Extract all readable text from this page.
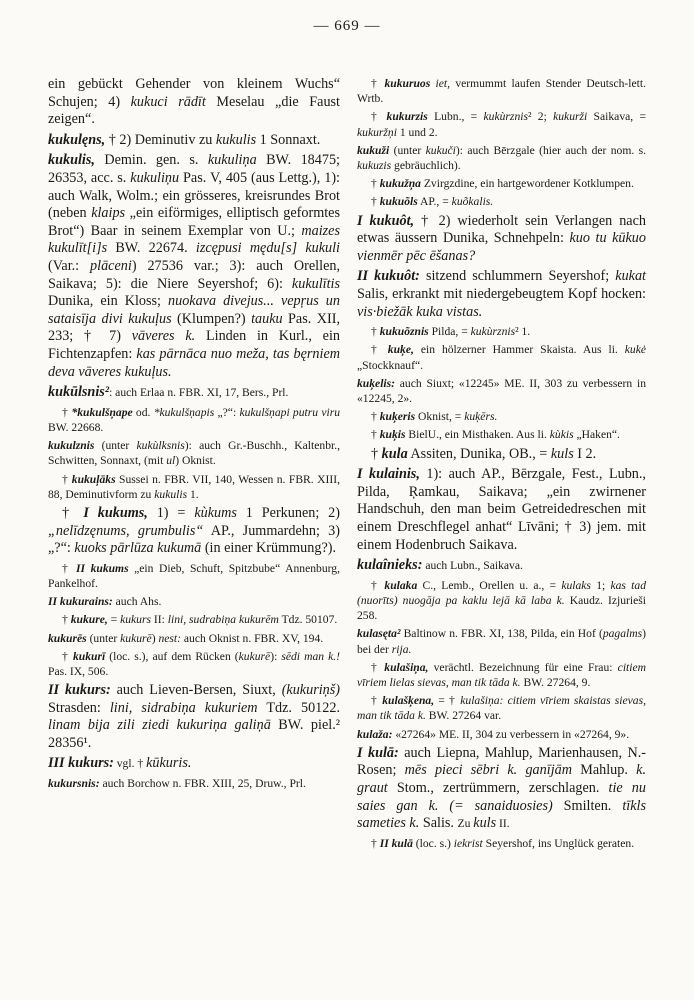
— 669 —

ein gebückt Gehender von kleinem Wuchs“ Schujen; 4) kukuci rādīt Meselau „die Faust zeigen“.

kukulęns, † 2) Deminutiv zu kukulis 1 Sonnaxt.

kukulis, Demin. gen. s. kukuliņa BW. 18475; 26353, acc. s. kukuliņu Pas. V, 405 (aus Lettg.), 1): auch Walk, Wolm.; ein grösseres, kreisrundes Brot (neben klaips „ein eiförmiges, elliptisch geformtes Brot“) Baar in seinem Exemplar von U.; maizes kukulīt[i]s BW. 22674. izcępusi mędu[s] kukuli (Var.: plāceni) 27536 var.; 3): auch Orellen, Saikava; 5): die Niere Seyershof; 6): kukulītis Dunika, ein Kloss; nuokava divejus... vepŗus un sataisīja divi kukuļus (Klumpen?) tauku Pas. XII, 233; † 7) vāveres k. Linden in Kurl., ein Fichtenzapfen: kas pārnāca nuo meža, tas bęrniem deva vāveres kukuļus.

kukūlsnis²: auch Erlaa n. FBR. XI, 17, Bers., Prl.

† *kukulšņape od. *kukulšņapis „?“: kukulšņapi putru viru BW. 22668.

kukulznis (unter kukùlksnis): auch Gr.-Buschh., Kaltenbr., Schwitten, Sonnaxt, (mit ul) Oknist.

† kukuļāks Sussei n. FBR. VII, 140, Wessen n. FBR. XIII, 88, Deminutivform zu kukulis 1.

† I kukums, 1) = kùkums 1 Perkunen; 2) „nelīdzęnums, grumbulis“ AP., Jummardehn; 3) „?“: kuoks pārlūza kukumā (in einer Krümmung?).

† II kukums „ein Dieb, Schuft, Spitzbube“ Annenburg, Pankelhof.

II kukurains: auch Ahs.

† kukure, = kukurs II: lini, sudrabiņa kukurēm Tdz. 50107.

kukurēs (unter kukurē) nest: auch Oknist n. FBR. XV, 194.

† kukurī (loc. s.), auf dem Rücken (kukurē): sēdi man k.! Pas. IX, 506.

II kukurs: auch Lieven-Bersen, Siuxt, (kukuriņš) Strasden: lini, sidrabiņa kukuriem Tdz. 50122. linam bija zili ziedi kukuriņa galiņā BW. piel.² 28356¹.

III kukurs: vgl. † kūkuris.

kukursnis: auch Borchow n. FBR. XIII, 25, Druw., Prl.

† kukuruos iet, vermummt laufen Stender Deutsch-lett. Wrtb.

† kukurzis Lubn., = kukùrznis² 2; kukurži Saikava, = kukuržņi 1 und 2.

kukuži (unter kukuči): auch Bērzgale (hier auch der nom. s. kukuzis gebräuchlich).

† kukužņa Zvirgzdine, ein hartgewordener Kotklumpen.

† kukuõls AP., = kuõkalis.

I kukuôt, † 2) wiederholt sein Verlangen nach etwas äussern Dunika, Schnehpeln: kuo tu kūkuo vienmēr pēc ēšanas?

II kukuôt: sitzend schlummern Seyershof; kukat Salis, erkrankt mit niedergebeugtem Kopf hocken: vis·biežāk kuka vistas.

† kukuõznis Pilda, = kukùrznis² 1.

† kuķe, ein hölzerner Hammer Skaista. Aus li. kukė „Stockknauf“.

kuķelis: auch Siuxt; «12245» ME. II, 303 zu verbessern in «12245, 2».

† kuķeris Oknist, = kuķērs.

† kuķis BielU., ein Misthaken. Aus li. kùkis „Haken“.

† kula Assiten, Dunika, OB., = kuls I 2.

I kulainis, 1): auch AP., Bērzgale, Fest., Lubn., Pilda, Ŗamkau, Saikava; „ein zwirnener Handschuh, den man beim Getreidedreschen mit einem Dreschflegel anhat“ Līvāni; † 3) jem. mit einem Hodenbruch Saikava.

kulaînieks: auch Lubn., Saikava.

† kulaka C., Lemb., Orellen u. a., = kulaks 1; kas tad (nuorīts) nuogāja pa kaklu lejā kā laba k. Kaudz. Izjurieši 258.

kulasęta² Baltinow n. FBR. XI, 138, Pilda, ein Hof (pagalms) bei der rija.

† kulašiņa, verächtl. Bezeichnung für eine Frau: citiem vīriem lielas sievas, man tik tāda k. BW. 27264, 9.

† kulašķena, = † kulašiņa: citiem vīriem skaistas sievas, man tik tāda k. BW. 27264 var.

kulaža: «27264» ME. II, 304 zu verbessern in «27264, 9».

I kulā: auch Liepna, Mahlup, Marienhausen, N.-Rosen; mēs pieci sēbri k. ganījām Mahlup. k. graut Stom., zertrümmern, zerschlagen. tie nu saies gan k. (= sanaiduosies) Smilten. tīkls sameties k. Salis. Zu kuls II.

† II kulā (loc. s.) iekrist Seyershof, ins Unglück geraten.
